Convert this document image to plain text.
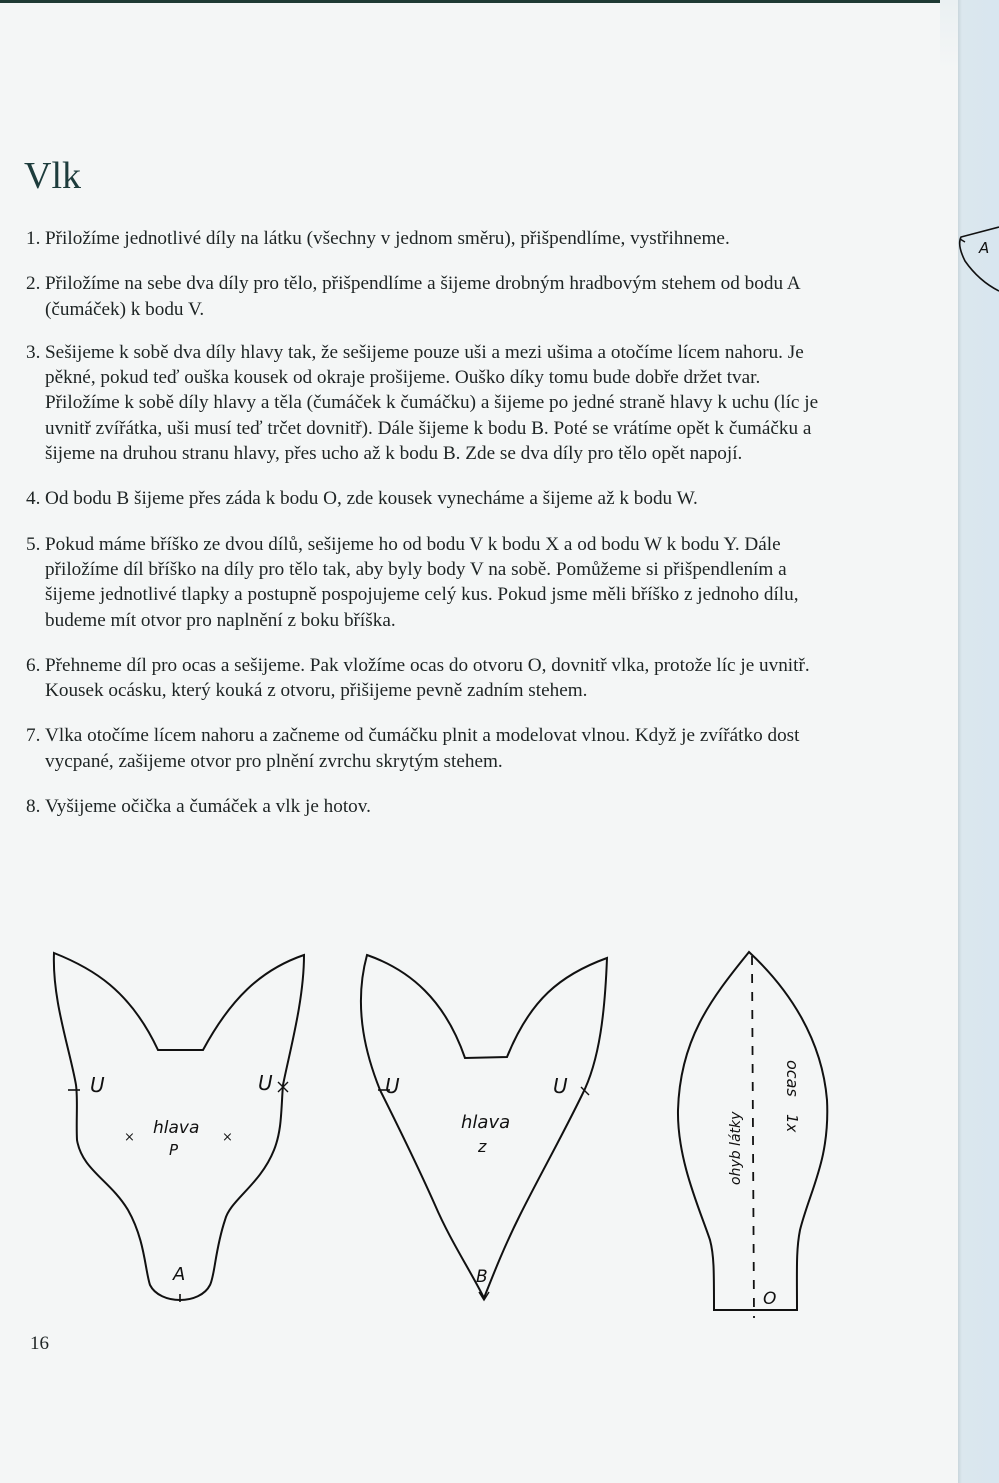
A
Vlk
1. Přiložíme jednotlivé díly na látku (všechny v jednom směru), přišpendlíme, vystřihneme.
2. Přiložíme na sebe dva díly pro tělo, přišpendlíme a šijeme drobným hradbovým stehem od bodu A (čumáček) k bodu V.
3. Sešijeme k sobě dva díly hlavy tak, že sešijeme pouze uši a mezi ušima a otočíme lícem nahoru. Je pěkné, pokud teď ouška kousek od okraje prošijeme. Ouško díky tomu bude dobře držet tvar. Přiložíme k sobě díly hlavy a těla (čumáček k čumáčku) a šijeme po jedné straně hlavy k uchu (líc je uvnitř zvířátka, uši musí teď trčet dovnitř). Dále šijeme k bodu B. Poté se vrátíme opět k čumáčku a šijeme na druhou stranu hlavy, přes ucho až k bodu B. Zde se dva díly pro tělo opět napojí.
4. Od bodu B šijeme přes záda k bodu O, zde kousek vynecháme a šijeme až k bodu W.
5. Pokud máme bříško ze dvou dílů, sešijeme ho od bodu V k bodu X a od bodu W k bodu Y. Dále přiložíme díl bříško na díly pro tělo tak, aby byly body V na sobě. Pomůžeme si přišpendlením a šijeme jednotlivé tlapky a postupně pospojujeme celý kus. Pokud jsme měli bříško z jednoho dílu, budeme mít otvor pro naplnění z boku bříška.
6. Přehneme díl pro ocas a sešijeme. Pak vložíme ocas do otvoru O, dovnitř vlka, protože líc je uvnitř. Kousek ocásku, který kouká z otvoru, přišijeme pevně zadním stehem.
7. Vlka otočíme lícem nahoru a začneme od čumáčku plnit a modelovat vlnou. Když je zvířátko dost vycpané, zašijeme otvor pro plnění zvrchu skrytým stehem.
8. Vyšijeme očička a čumáček a vlk je hotov.
U	U
hlava
P
×	×
A
U	U
hlava
z
B
ohyb látky
ocas
1x
O
16
